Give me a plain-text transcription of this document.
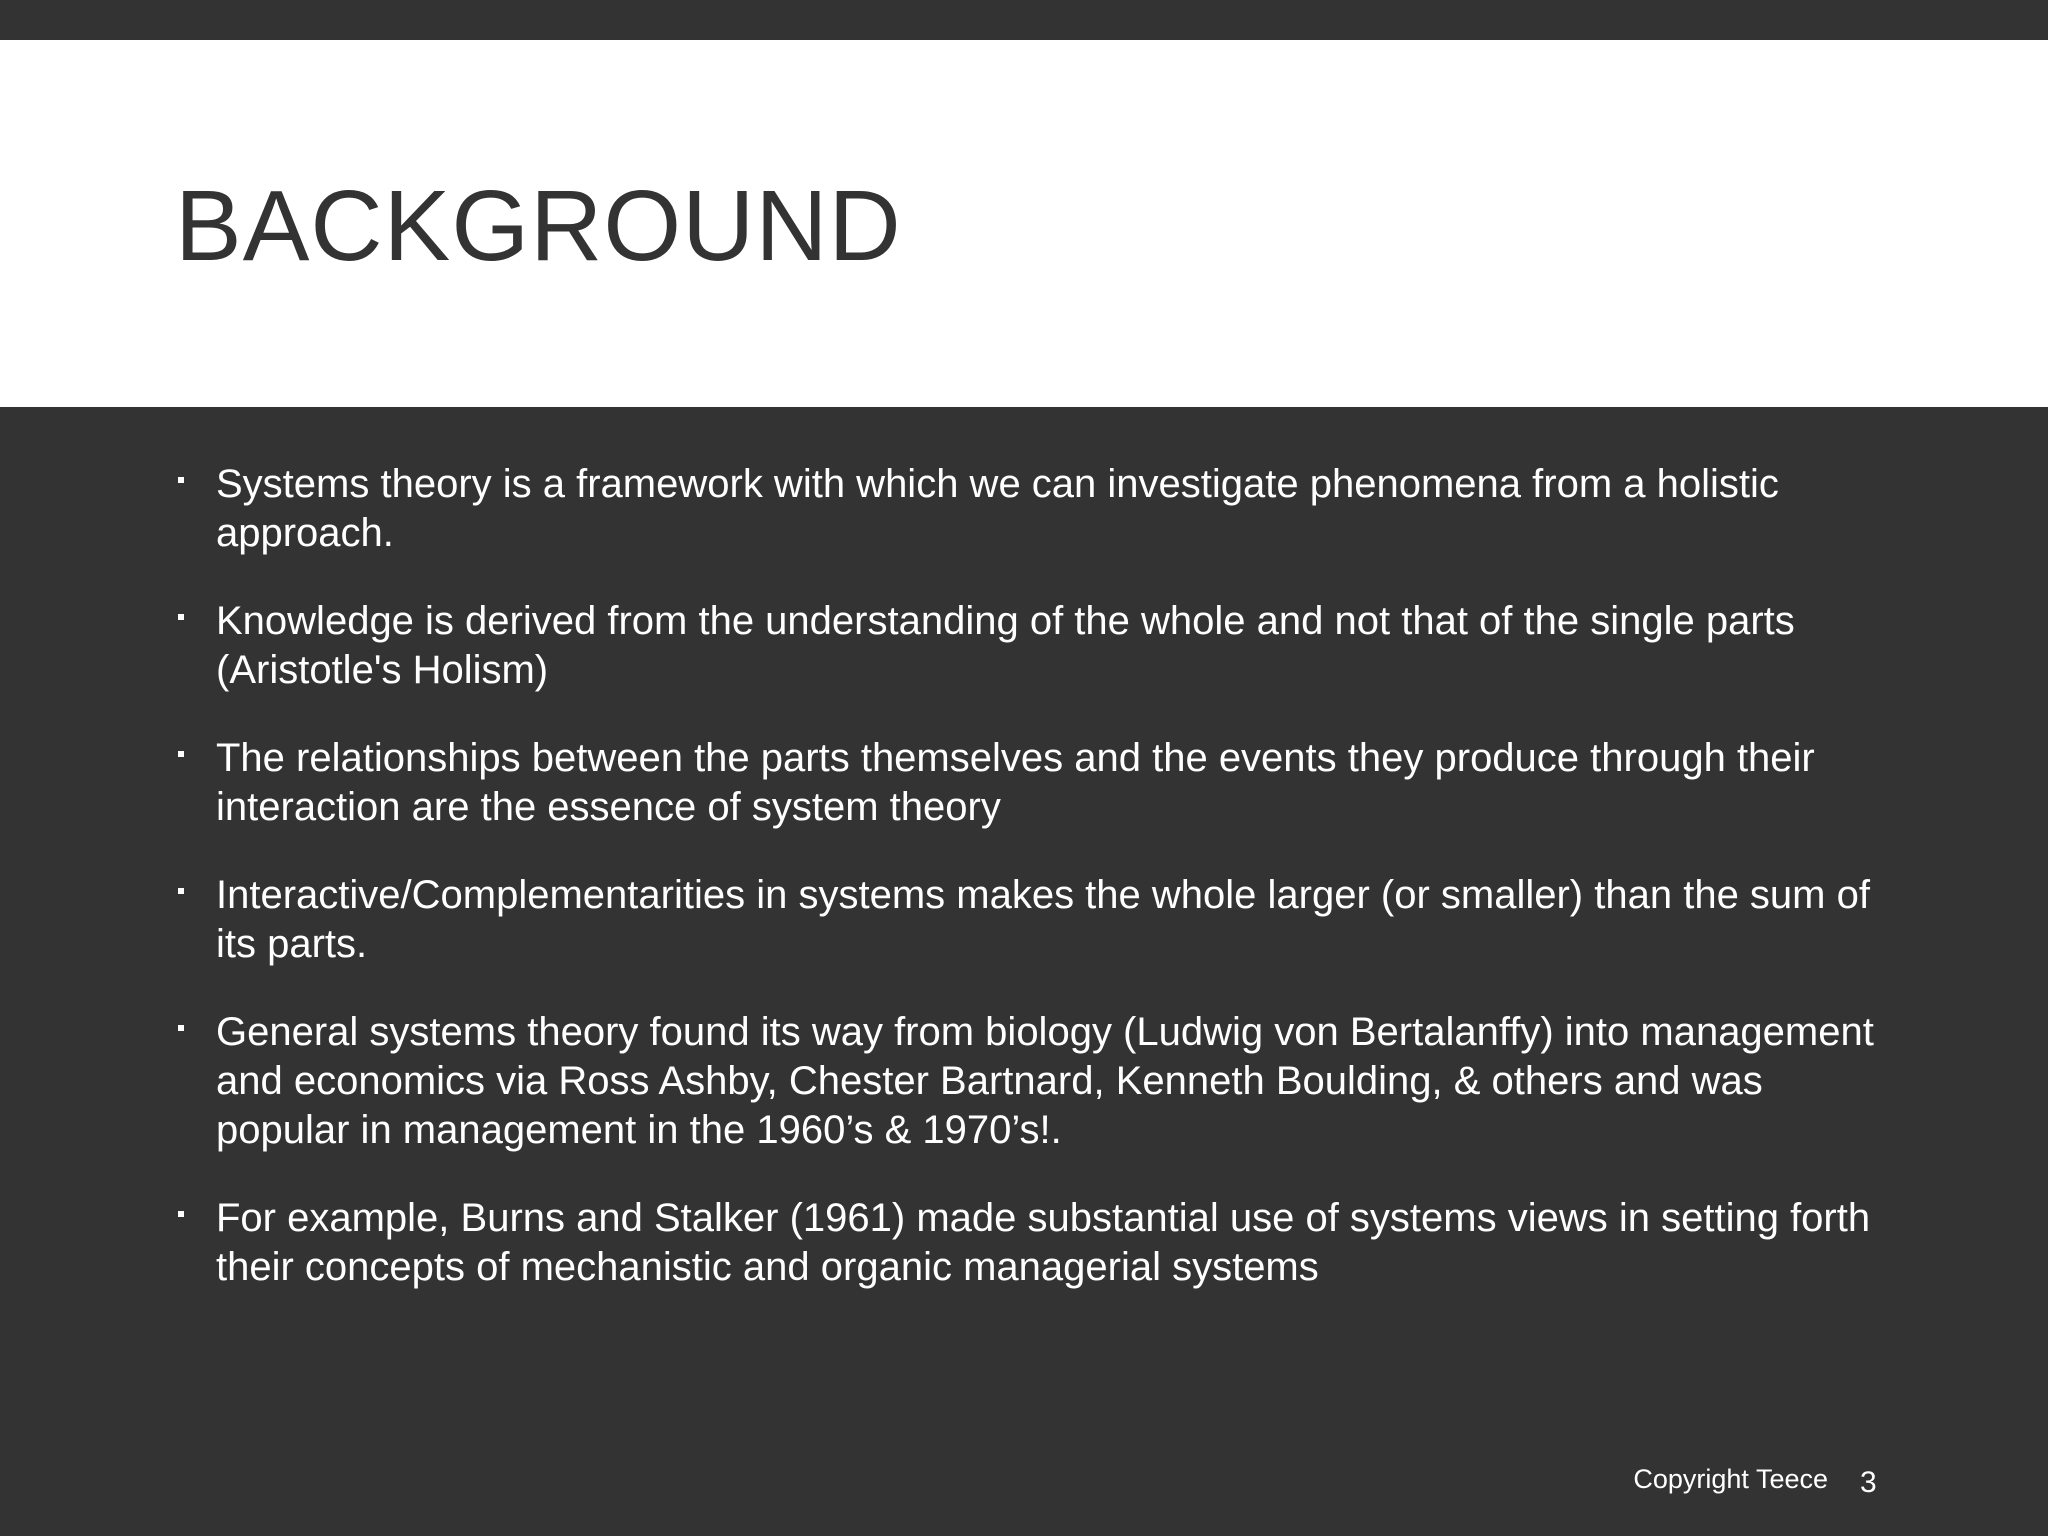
BACKGROUND
Systems theory is a framework with which we can investigate phenomena from a holistic approach.
Knowledge is derived from the understanding of the whole and not that of the single parts (Aristotle's Holism)
The relationships between the parts themselves and the events they produce through their interaction are the essence of system theory
Interactive/Complementarities in systems makes the whole larger (or smaller) than the sum of its parts.
General systems theory found its way from biology (Ludwig von Bertalanffy) into management and economics via Ross Ashby, Chester Bartnard, Kenneth Boulding, & others and was popular in management in the 1960’s & 1970’s!.
For example, Burns and Stalker (1961) made substantial use of systems views in setting forth their concepts of mechanistic and organic managerial systems
Copyright Teece 3
